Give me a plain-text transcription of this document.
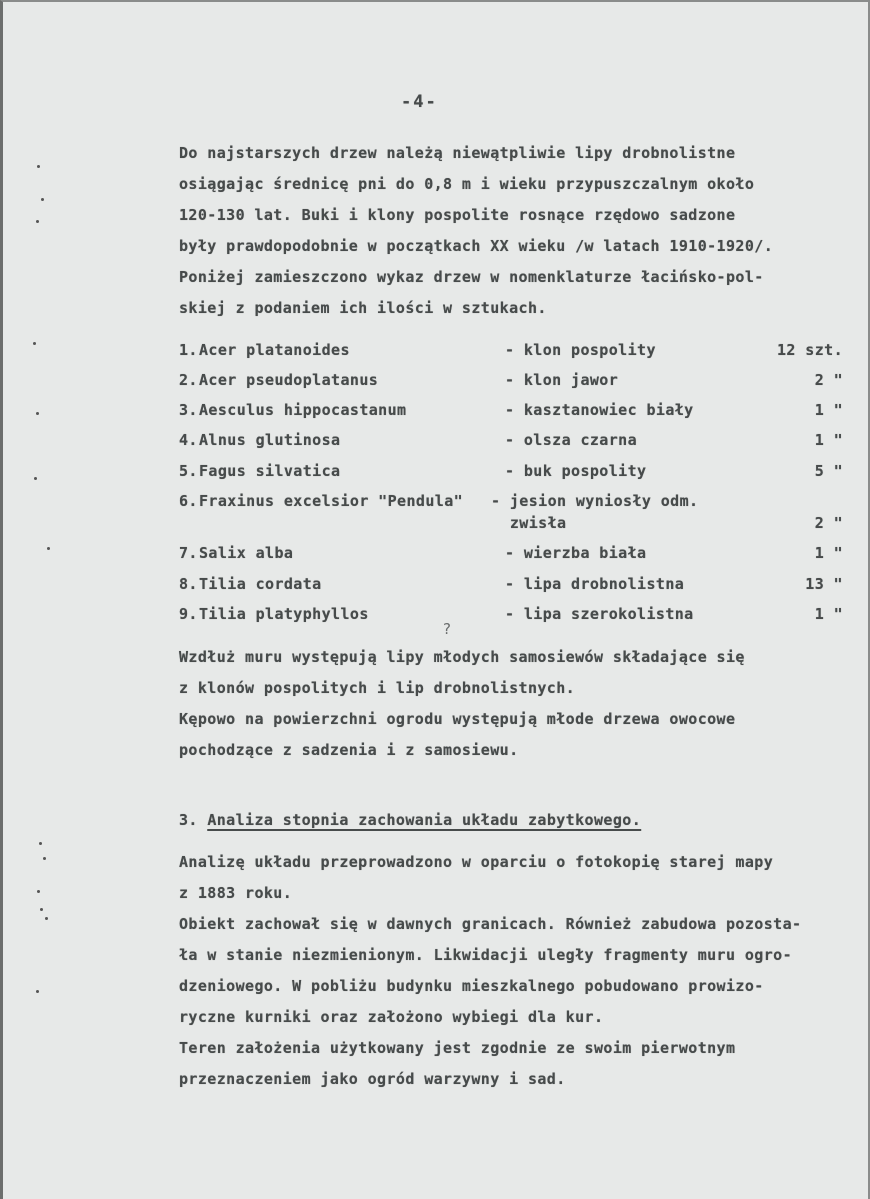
-4-
Do najstarszych drzew należą niewątpliwie lipy drobnolistne
osiągając średnicę pni do 0,8 m i wieku przypuszczalnym około
120-130 lat. Buki i klony pospolite rosnące rzędowo sadzone
były prawdopodobnie w początkach XX wieku /w latach 1910-1920/.
Poniżej zamieszczono wykaz drzew w nomenklaturze łacińsko-pol-
skiej z podaniem ich ilości w sztukach.
1. Acer platanoides	- klon pospolity	12 szt.
2. Acer pseudoplatanus	- klon jawor	2 "
3. Aesculus hippocastanum	- kasztanowiec biały	1 "
4. Alnus glutinosa	- olsza czarna	1 "
5. Fagus silvatica	- buk pospolity	5 "
6. Fraxinus excelsior "Pendula" - jesion wyniosły odm.
zwisła	2 "
7. Salix alba	- wierzba biała	1 "
8. Tilia cordata	- lipa drobnolistna	13 "
9. Tilia platyphyllos	- lipa szerokolistna	1 "
?
Wzdłuż muru występują lipy młodych samosiewów składające się
z klonów pospolitych i lip drobnolistnych.
Kępowo na powierzchni ogrodu występują młode drzewa owocowe
pochodzące z sadzenia i z samosiewu.
3. Analiza stopnia zachowania układu zabytkowego.
Analizę układu przeprowadzono w oparciu o fotokopię starej mapy
z 1883 roku.
Obiekt zachował się w dawnych granicach. Również zabudowa pozosta-
ła w stanie niezmienionym. Likwidacji uległy fragmenty muru ogro-
dzeniowego. W pobliżu budynku mieszkalnego pobudowano prowizo-
ryczne kurniki oraz założono wybiegi dla kur.
Teren założenia użytkowany jest zgodnie ze swoim pierwotnym
przeznaczeniem jako ogród warzywny i sad.
